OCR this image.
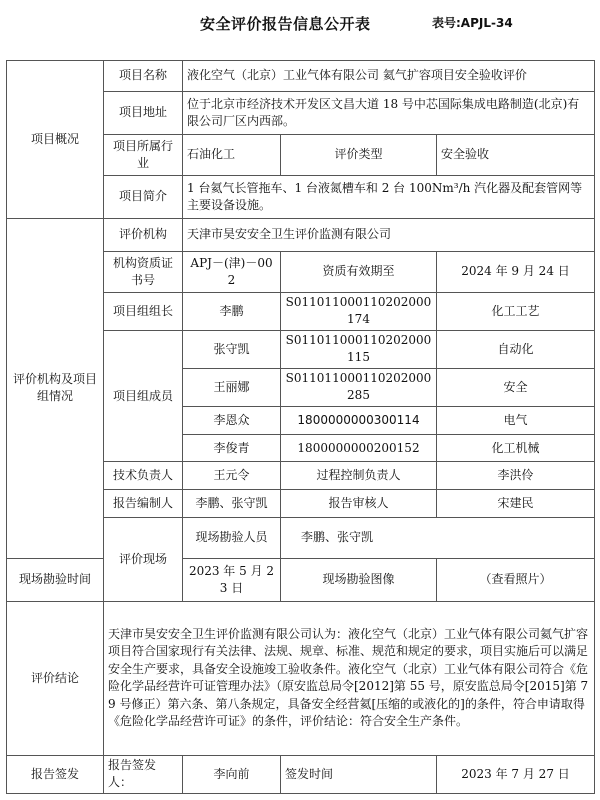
安全评价报告信息公开表	表号:APJL-34
项目概况	项目名称	液化空气（北京）工业气体有限公司 氦气扩容项目安全验收评价		
	项目地址	位于北京市经济技术开发区文昌大道 18 号中芯国际集成电路制造(北京)有限公司厂区内西部。		
	项目所属行业	石油化工	评价类型	安全验收
	项目简介	1 台氦气长管拖车、1 台液氮槽车和 2 台 100Nm³/h 汽化器及配套管网等主要设备设施。		
评价机构及项目组情况	评价机构	天津市昊安安全卫生评价监测有限公司		
	机构资质证书号	APJ－(津)－002	资质有效期至	2024 年 9 月 24 日
	项目组组长	李鹏	S011011000110202000174	化工工艺
	项目组成员	张守凯	S011011000110202000115	自动化
		王丽娜	S011011000110202000285	安全
		李恩众	1800000000300114	电气
		李俊青	1800000000200152	化工机械
	技术负责人	王元令	过程控制负责人	李洪伶
	报告编制人	李鹏、张守凯	报告审核人	宋建民
	评价现场	现场勘验人员	李鹏、张守凯	
现场勘验时间		2023 年 5 月 23 日	现场勘验图像	（查看照片）
评价结论	天津市昊安安全卫生评价监测有限公司认为：液化空气（北京）工业气体有限公司氦气扩容项目符合国家现行有关法律、法规、规章、标准、规范和规定的要求，项目实施后可以满足安全生产要求，具备安全设施竣工验收条件。液化空气（北京）工业气体有限公司符合《危险化学品经营许可证管理办法》（原安监总局令[2012]第 55 号，原安监总局令[2015]第 79 号修正）第六条、第八条规定，具备安全经营氦[压缩的或液化的]的条件，符合申请取得《危险化学品经营许可证》的条件，评价结论：符合安全生产条件。			
报告签发	报告签发人：	李向前	签发时间	2023 年 7 月 27 日
